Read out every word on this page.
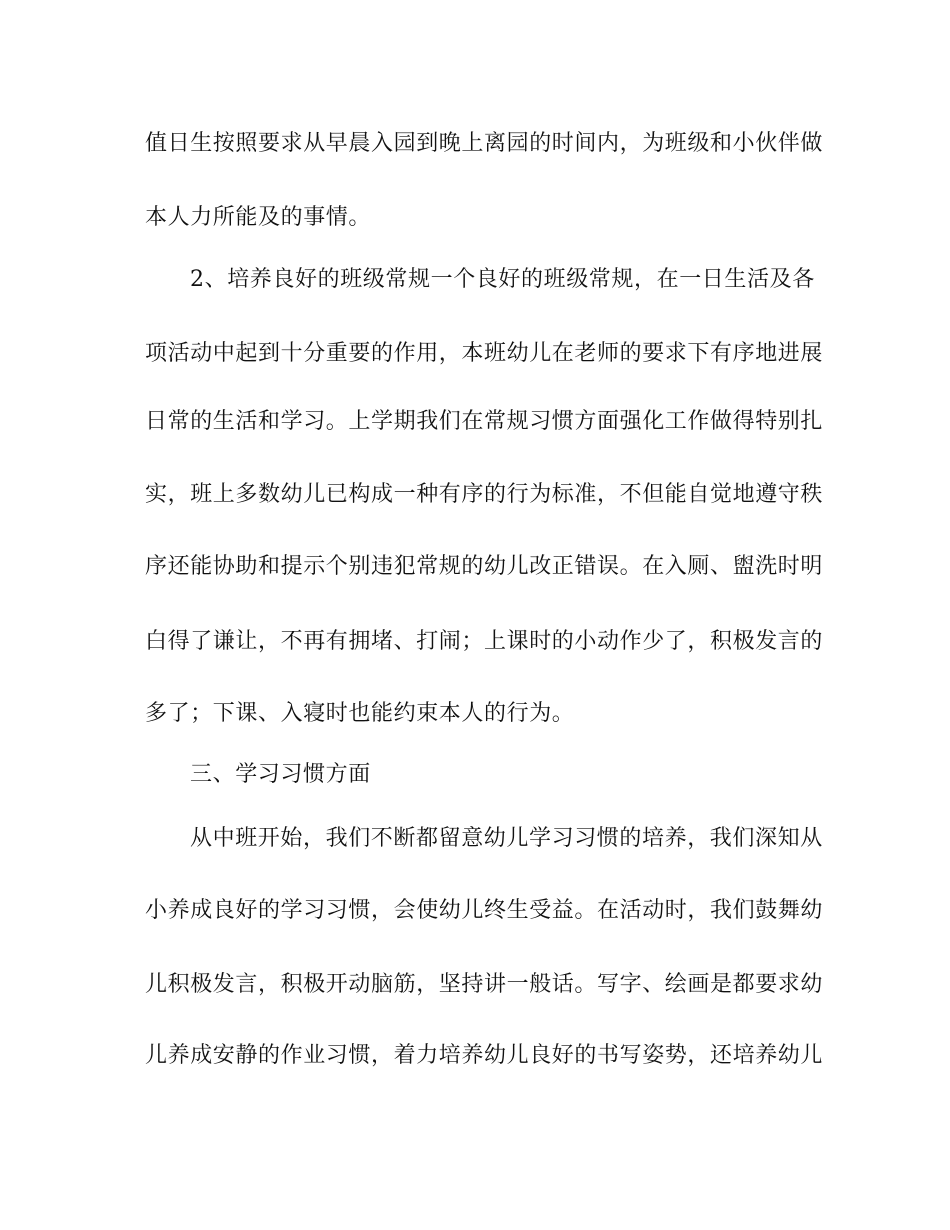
值日生按照要求从早晨入园到晚上离园的时间内，为班级和小伙伴做
本人力所能及的事情。
2、培养良好的班级常规一个良好的班级常规，在一日生活及各
项活动中起到十分重要的作用，本班幼儿在老师的要求下有序地进展
日常的生活和学习。上学期我们在常规习惯方面强化工作做得特别扎
实，班上多数幼儿已构成一种有序的行为标准，不但能自觉地遵守秩
序还能协助和提示个别违犯常规的幼儿改正错误。在入厕、盥洗时明
白得了谦让，不再有拥堵、打闹；上课时的小动作少了，积极发言的
多了；下课、入寝时也能约束本人的行为。
三、学习习惯方面
从中班开始，我们不断都留意幼儿学习习惯的培养，我们深知从
小养成良好的学习习惯，会使幼儿终生受益。在活动时，我们鼓舞幼
儿积极发言，积极开动脑筋，坚持讲一般话。写字、绘画是都要求幼
儿养成安静的作业习惯，着力培养幼儿良好的书写姿势，还培养幼儿
